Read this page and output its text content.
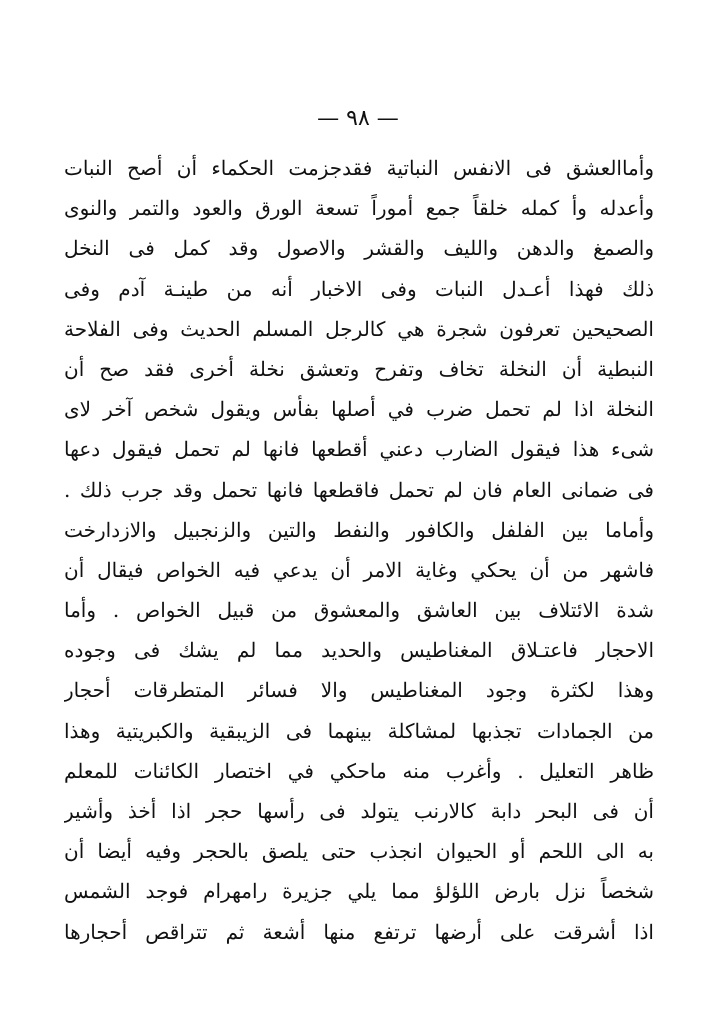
— ٩٨ —
وأماالعشق فى الانفس النباتية فقدجزمت الحكماء أن أصح النبات
وأعدله وأ كمله خلقاً جمع أموراً تسعة الورق والعود والتمر والنوى
والصمغ والدهن والليف والقشر والاصول وقد كمل فى النخل
ذلك فهذا أعـدل النبات وفى الاخبار أنه من طينـة آدم وفى
الصحيحين تعرفون شجرة هي كالرجل المسلم الحديث وفى الفلاحة
النبطية أن النخلة تخاف وتفرح وتعشق نخلة أخرى فقد صح أن
النخلة اذا لم تحمل ضرب في أصلها بفأس ويقول شخص آخر لاى
شىء هذا فيقول الضارب دعني أقطعها فانها لم تحمل فيقول دعها
فى ضمانى العام فان لم تحمل فاقطعها فانها تحمل وقد جرب ذلك .
وأماما بين الفلفل والكافور والنفط والتين والزنجبيل والازدارخت
فاشهر من أن يحكي وغاية الامر أن يدعي فيه الخواص فيقال أن
شدة الائتلاف بين العاشق والمعشوق من قبيل الخواص . وأما
الاحجار فاعتـلاق المغناطيس والحديد مما لم يشك فى وجوده
وهذا لكثرة وجود المغناطيس والا فسائر المتطرقات أحجار
من الجمادات تجذبها لمشاكلة بينهما فى الزيبقية والكبريتية وهذا
ظاهر التعليل . وأغرب منه ماحكي في اختصار الكائنات للمعلم
أن فى البحر دابة كالارنب يتولد فى رأسها حجر اذا أخذ وأشير
به الى اللحم أو الحيوان انجذب حتى يلصق بالحجر وفيه أيضا أن
شخصاً نزل بارض اللؤلؤ مما يلي جزيرة رامهرام فوجد الشمس
اذا أشرقت على أرضها ترتفع منها أشعة ثم تتراقص أحجارها
